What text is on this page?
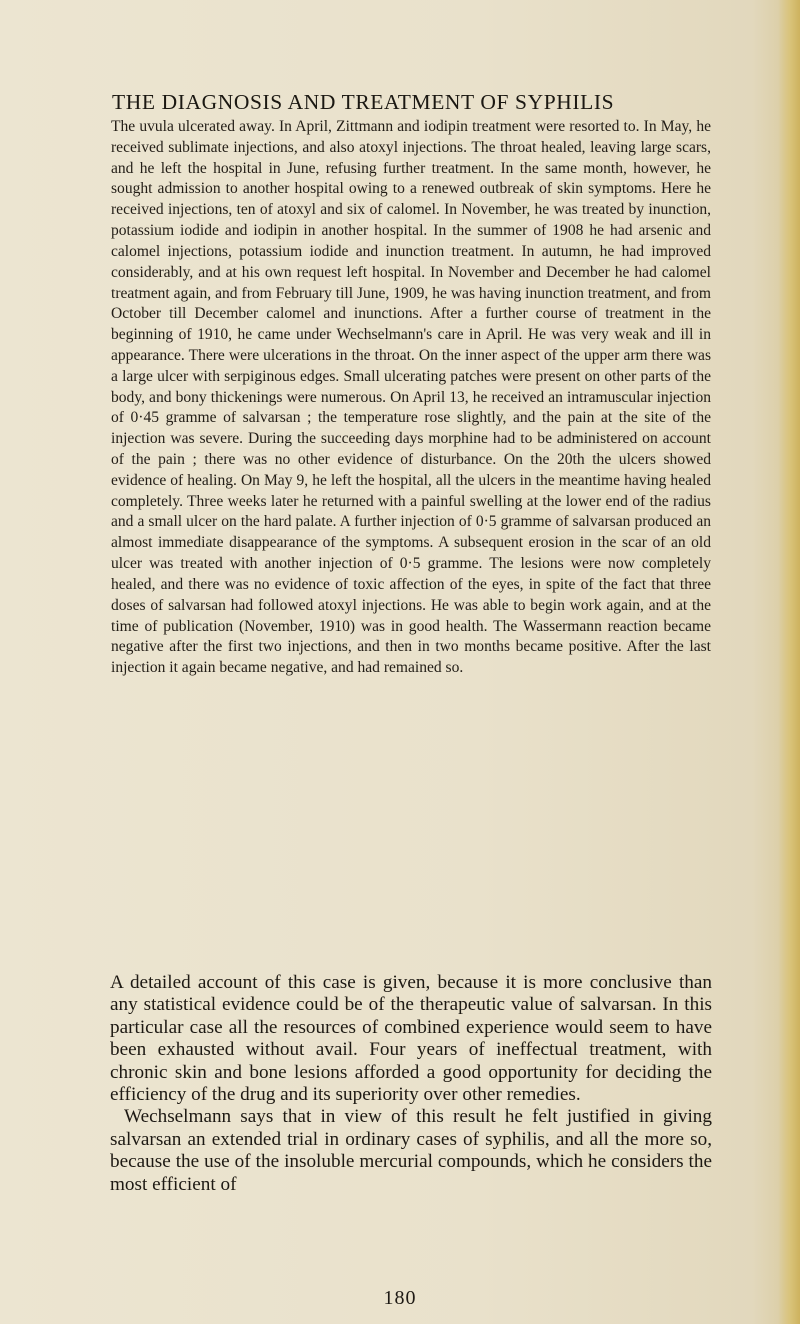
THE DIAGNOSIS AND TREATMENT OF SYPHILIS

The uvula ulcerated away. In April, Zittmann and iodipin treatment were resorted to. In May, he received sublimate injections, and also atoxyl injections. The throat healed, leaving large scars, and he left the hospital in June, refusing further treatment. In the same month, however, he sought admission to another hospital owing to a renewed outbreak of skin symptoms. Here he received injections, ten of atoxyl and six of calomel. In November, he was treated by inunction, potassium iodide and iodipin in another hospital. In the summer of 1908 he had arsenic and calomel injections, potassium iodide and inunction treatment. In autumn, he had improved considerably, and at his own request left hospital. In November and December he had calomel treatment again, and from February till June, 1909, he was having inunction treatment, and from October till December calomel and inunctions. After a further course of treatment in the beginning of 1910, he came under Wechselmann's care in April. He was very weak and ill in appearance. There were ulcerations in the throat. On the inner aspect of the upper arm there was a large ulcer with serpiginous edges. Small ulcerating patches were present on other parts of the body, and bony thickenings were numerous. On April 13, he received an intramuscular injection of 0·45 gramme of salvarsan ; the temperature rose slightly, and the pain at the site of the injection was severe. During the succeeding days morphine had to be administered on account of the pain ; there was no other evidence of disturbance. On the 20th the ulcers showed evidence of healing. On May 9, he left the hospital, all the ulcers in the meantime having healed completely. Three weeks later he returned with a painful swelling at the lower end of the radius and a small ulcer on the hard palate. A further injection of 0·5 gramme of salvarsan produced an almost immediate disappearance of the symptoms. A subsequent erosion in the scar of an old ulcer was treated with another injection of 0·5 gramme. The lesions were now completely healed, and there was no evidence of toxic affection of the eyes, in spite of the fact that three doses of salvarsan had followed atoxyl injections. He was able to begin work again, and at the time of publication (November, 1910) was in good health. The Wassermann reaction became negative after the first two injections, and then in two months became positive. After the last injection it again became negative, and had remained so.

A detailed account of this case is given, because it is more conclusive than any statistical evidence could be of the therapeutic value of salvarsan. In this particular case all the resources of combined experience would seem to have been exhausted without avail. Four years of ineffectual treatment, with chronic skin and bone lesions afforded a good opportunity for deciding the efficiency of the drug and its superiority over other remedies.

Wechselmann says that in view of this result he felt justified in giving salvarsan an extended trial in ordinary cases of syphilis, and all the more so, because the use of the insoluble mercurial compounds, which he considers the most efficient of

180
